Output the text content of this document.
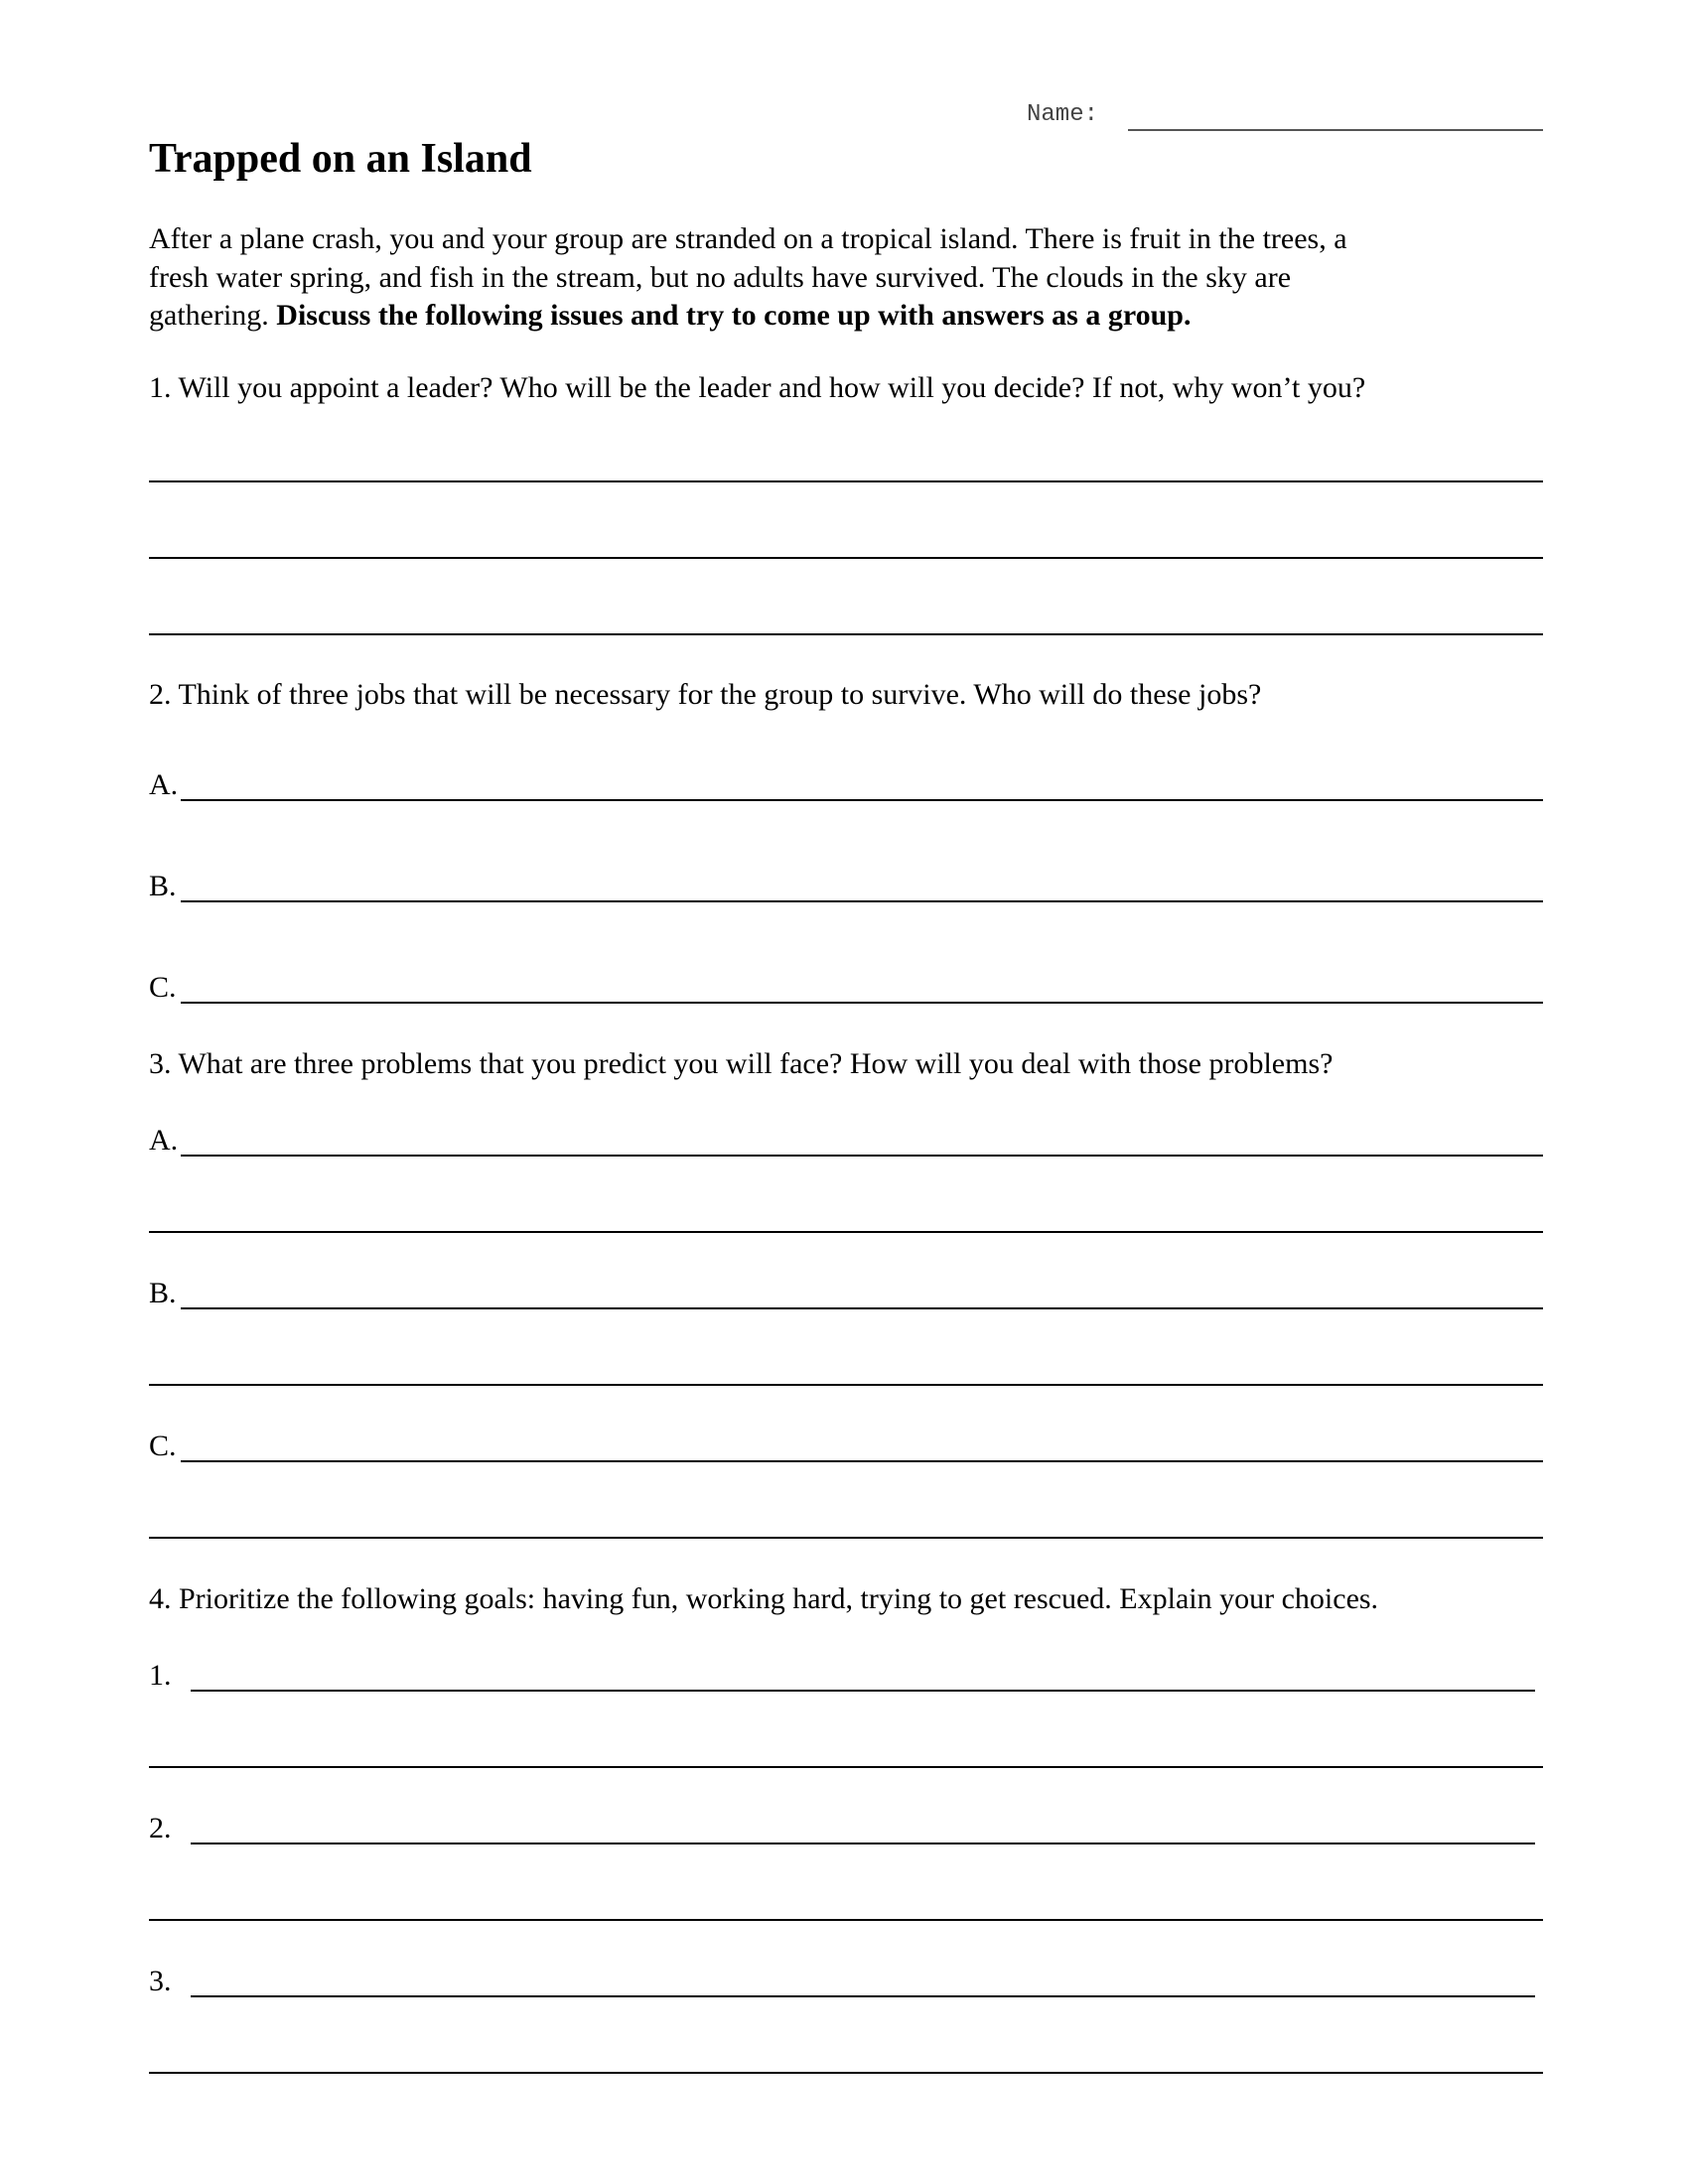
Name:
Trapped on an Island
After a plane crash, you and your group are stranded on a tropical island. There is fruit in the trees, a
fresh water spring, and fish in the stream, but no adults have survived. The clouds in the sky are
gathering. Discuss the following issues and try to come up with answers as a group.
1. Will you appoint a leader? Who will be the leader and how will you decide? If not, why won’t you?
2. Think of three jobs that will be necessary for the group to survive. Who will do these jobs?
A.
B.
C.
3. What are three problems that you predict you will face? How will you deal with those problems?
A.
B.
C.
4. Prioritize the following goals: having fun, working hard, trying to get rescued. Explain your choices.
1.
2.
3.
